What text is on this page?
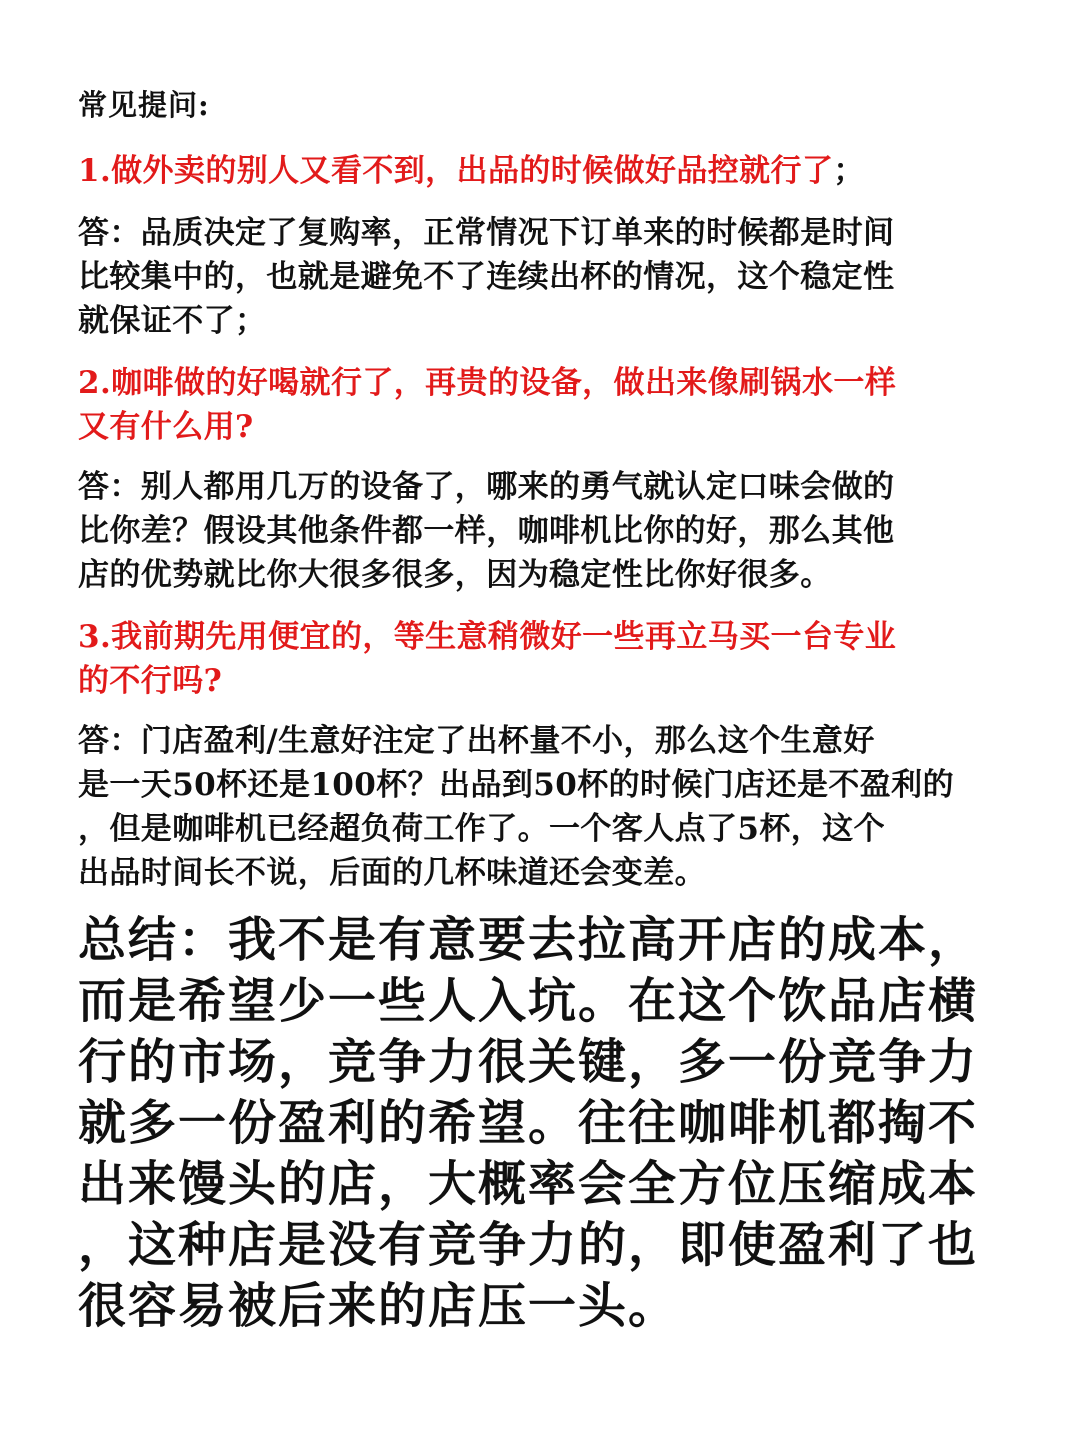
常见提问:

1.做外卖的别人又看不到，出品的时候做好品控就行了；

答：品质决定了复购率，正常情况下订单来的时候都是时间

比较集中的，也就是避免不了连续出杯的情况，这个稳定性

就保证不了；

2.咖啡做的好喝就行了，再贵的设备，做出来像刷锅水一样

又有什么用?

答：别人都用几万的设备了，哪来的勇气就认定口味会做的

比你差？假设其他条件都一样，咖啡机比你的好，那么其他

店的优势就比你大很多很多，因为稳定性比你好很多。

3.我前期先用便宜的，等生意稍微好一些再立马买一台专业

的不行吗?

答：门店盈利/生意好注定了出杯量不小，那么这个生意好

是一天50杯还是100杯？出品到50杯的时候门店还是不盈利的

，但是咖啡机已经超负荷工作了。一个客人点了5杯，这个

出品时间长不说，后面的几杯味道还会变差。

总结：我不是有意要去拉高开店的成本，
而是希望少一些人入坑。在这个饮品店横
行的市场，竞争力很关键，多一份竞争力
就多一份盈利的希望。往往咖啡机都掏不
出来馒头的店，大概率会全方位压缩成本
，这种店是没有竞争力的，即使盈利了也
很容易被后来的店压一头。
